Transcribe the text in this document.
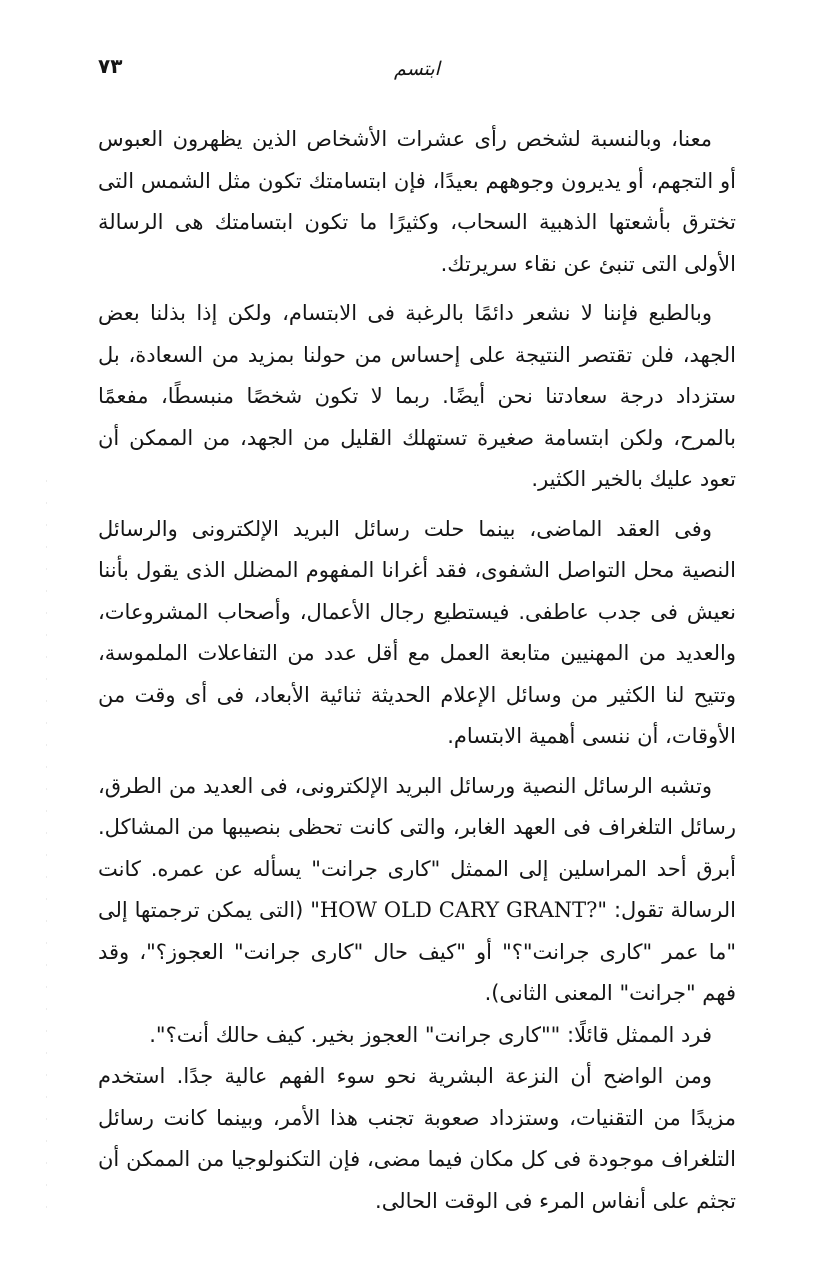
٧٣	ابتسم

معنا، وبالنسبة لشخص رأى عشرات الأشخاص الذين يظهرون العبوس أو التجهم، أو يديرون وجوههم بعيدًا، فإن ابتسامتك تكون مثل الشمس التى تخترق بأشعتها الذهبية السحاب، وكثيرًا ما تكون ابتسامتك هى الرسالة الأولى التى تنبئ عن نقاء سريرتك.

وبالطبع فإننا لا نشعر دائمًا بالرغبة فى الابتسام، ولكن إذا بذلنا بعض الجهد، فلن تقتصر النتيجة على إحساس من حولنا بمزيد من السعادة، بل ستزداد درجة سعادتنا نحن أيضًا. ربما لا تكون شخصًا منبسطًا، مفعمًا بالمرح، ولكن ابتسامة صغيرة تستهلك القليل من الجهد، من الممكن أن تعود عليك بالخير الكثير.

وفى العقد الماضى، بينما حلت رسائل البريد الإلكترونى والرسائل النصية محل التواصل الشفوى، فقد أغرانا المفهوم المضلل الذى يقول بأننا نعيش فى جدب عاطفى. فيستطيع رجال الأعمال، وأصحاب المشروعات، والعديد من المهنيين متابعة العمل مع أقل عدد من التفاعلات الملموسة، وتتيح لنا الكثير من وسائل الإعلام الحديثة ثنائية الأبعاد، فى أى وقت من الأوقات، أن ننسى أهمية الابتسام.

وتشبه الرسائل النصية ورسائل البريد الإلكترونى، فى العديد من الطرق، رسائل التلغراف فى العهد الغابر، والتى كانت تحظى بنصيبها من المشاكل. أبرق أحد المراسلين إلى الممثل "كارى جرانت" يسأله عن عمره. كانت الرسالة تقول: "HOW OLD CARY GRANT?" (التى يمكن ترجمتها إلى "ما عمر "كارى جرانت"؟" أو "كيف حال "كارى جرانت" العجوز؟"، وقد فهم "جرانت" المعنى الثانى).

فرد الممثل قائلًا: ""كارى جرانت" العجوز بخير. كيف حالك أنت؟".

ومن الواضح أن النزعة البشرية نحو سوء الفهم عالية جدًا. استخدم مزيدًا من التقنيات، وستزداد صعوبة تجنب هذا الأمر، وبينما كانت رسائل التلغراف موجودة فى كل مكان فيما مضى، فإن التكنولوجيا من الممكن أن تجثم على أنفاس المرء فى الوقت الحالى.
